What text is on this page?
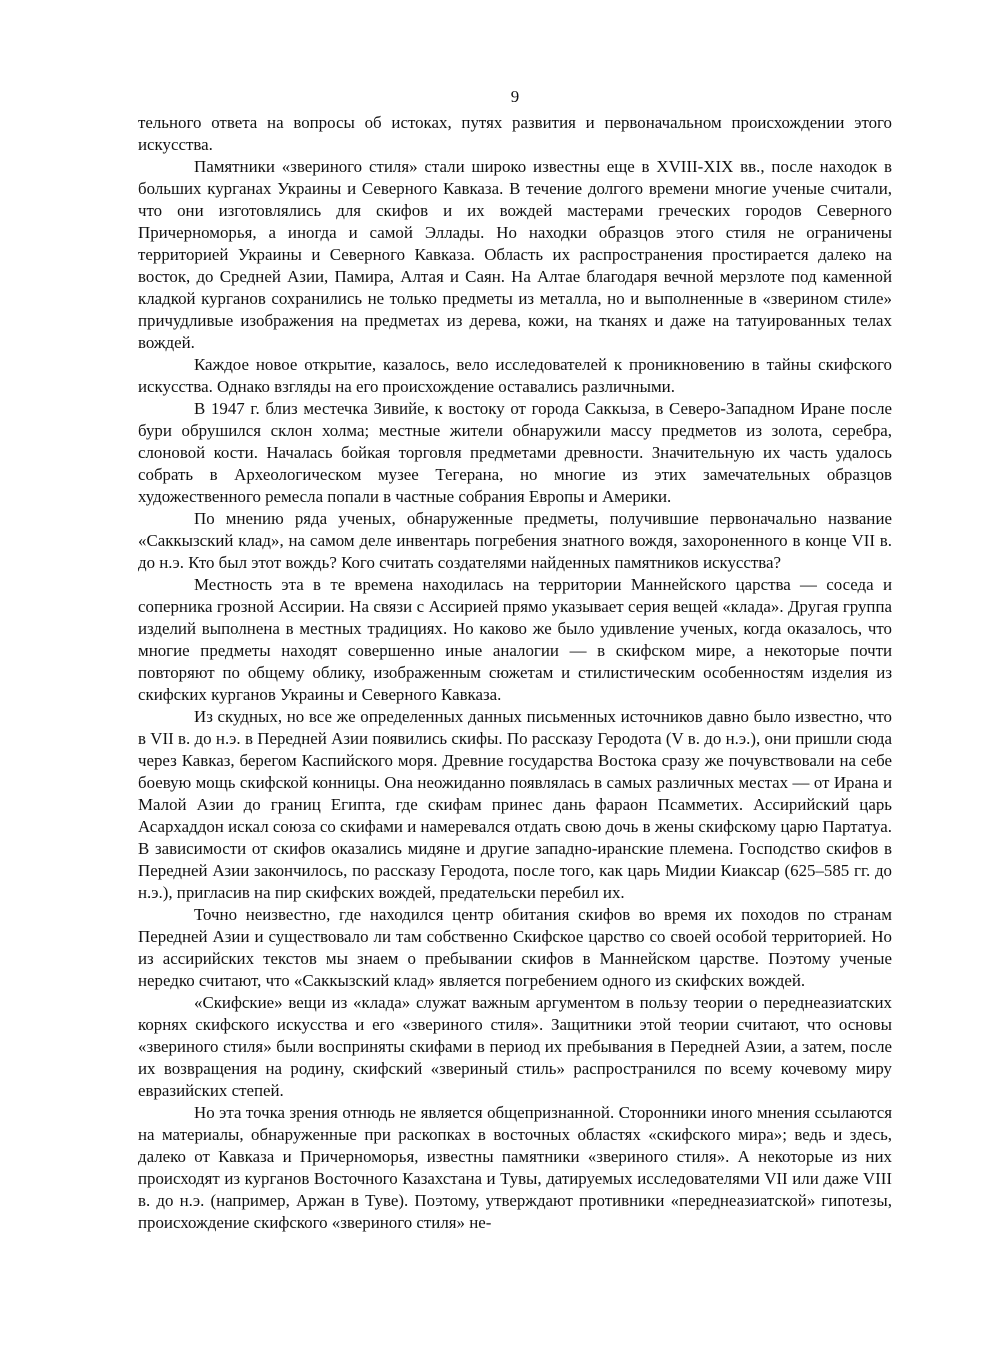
9

тельного ответа на вопросы об истоках, путях развития и первоначальном происхождении этого искусства.

Памятники «звериного стиля» стали широко известны еще в XVIII-XIX вв., после находок в больших курганах Украины и Северного Кавказа. В течение долгого времени многие ученые считали, что они изготовлялись для скифов и их вождей мастерами греческих городов Северного Причерноморья, а иногда и самой Эллады. Но находки образцов этого стиля не ограничены территорией Украины и Северного Кавказа. Область их распространения простирается далеко на восток, до Средней Азии, Памира, Алтая и Саян. На Алтае благодаря вечной мерзлоте под каменной кладкой курганов сохранились не только предметы из металла, но и выполненные в «зверином стиле» причудливые изображения на предметах из дерева, кожи, на тканях и даже на татуированных телах вождей.

Каждое новое открытие, казалось, вело исследователей к проникновению в тайны скифского искусства. Однако взгляды на его происхождение оставались различными.

В 1947 г. близ местечка Зивийе, к востоку от города Саккыза, в Северо-Западном Иране после бури обрушился склон холма; местные жители обнаружили массу предметов из золота, серебра, слоновой кости. Началась бойкая торговля предметами древности. Значительную их часть удалось собрать в Археологическом музее Тегерана, но многие из этих замечательных образцов художественного ремесла попали в частные собрания Европы и Америки.

По мнению ряда ученых, обнаруженные предметы, получившие первоначально название «Саккызский клад», на самом деле инвентарь погребения знатного вождя, захороненного в конце VII в. до н.э. Кто был этот вождь? Кого считать создателями найденных памятников искусства?

Местность эта в те времена находилась на территории Маннейского царства — соседа и соперника грозной Ассирии. На связи с Ассирией прямо указывает серия вещей «клада». Другая группа изделий выполнена в местных традициях. Но каково же было удивление ученых, когда оказалось, что многие предметы находят совершенно иные аналогии — в скифском мире, а некоторые почти повторяют по общему облику, изображенным сюжетам и стилистическим особенностям изделия из скифских курганов Украины и Северного Кавказа.

Из скудных, но все же определенных данных письменных источников давно было известно, что в VII в. до н.э. в Передней Азии появились скифы. По рассказу Геродота (V в. до н.э.), они пришли сюда через Кавказ, берегом Каспийского моря. Древние государства Востока сразу же почувствовали на себе боевую мощь скифской конницы. Она неожиданно появлялась в самых различных местах — от Ирана и Малой Азии до границ Египта, где скифам принес дань фараон Псамметих. Ассирийский царь Асархаддон искал союза со скифами и намеревался отдать свою дочь в жены скифскому царю Партатуа. В зависимости от скифов оказались мидяне и другие западно-иранские племена. Господство скифов в Передней Азии закончилось, по рассказу Геродота, после того, как царь Мидии Киаксар (625–585 гг. до н.э.), пригласив на пир скифских вождей, предательски перебил их.

Точно неизвестно, где находился центр обитания скифов во время их походов по странам Передней Азии и существовало ли там собственно Скифское царство со своей особой территорией. Но из ассирийских текстов мы знаем о пребывании скифов в Маннейском царстве. Поэтому ученые нередко считают, что «Саккызский клад» является погребением одного из скифских вождей.

«Скифские» вещи из «клада» служат важным аргументом в пользу теории о переднеазиатских корнях скифского искусства и его «звериного стиля». Защитники этой теории считают, что основы «звериного стиля» были восприняты скифами в период их пребывания в Передней Азии, а затем, после их возвращения на родину, скифский «звериный стиль» распространился по всему кочевому миру евразийских степей.

Но эта точка зрения отнюдь не является общепризнанной. Сторонники иного мнения ссылаются на материалы, обнаруженные при раскопках в восточных областях «скифского мира»; ведь и здесь, далеко от Кавказа и Причерноморья, известны памятники «звериного стиля». А некоторые из них происходят из курганов Восточного Казахстана и Тувы, датируемых исследователями VII или даже VIII в. до н.э. (например, Аржан в Туве). Поэтому, утверждают противники «переднеазиатской» гипотезы, происхождение скифского «звериного стиля» не-
